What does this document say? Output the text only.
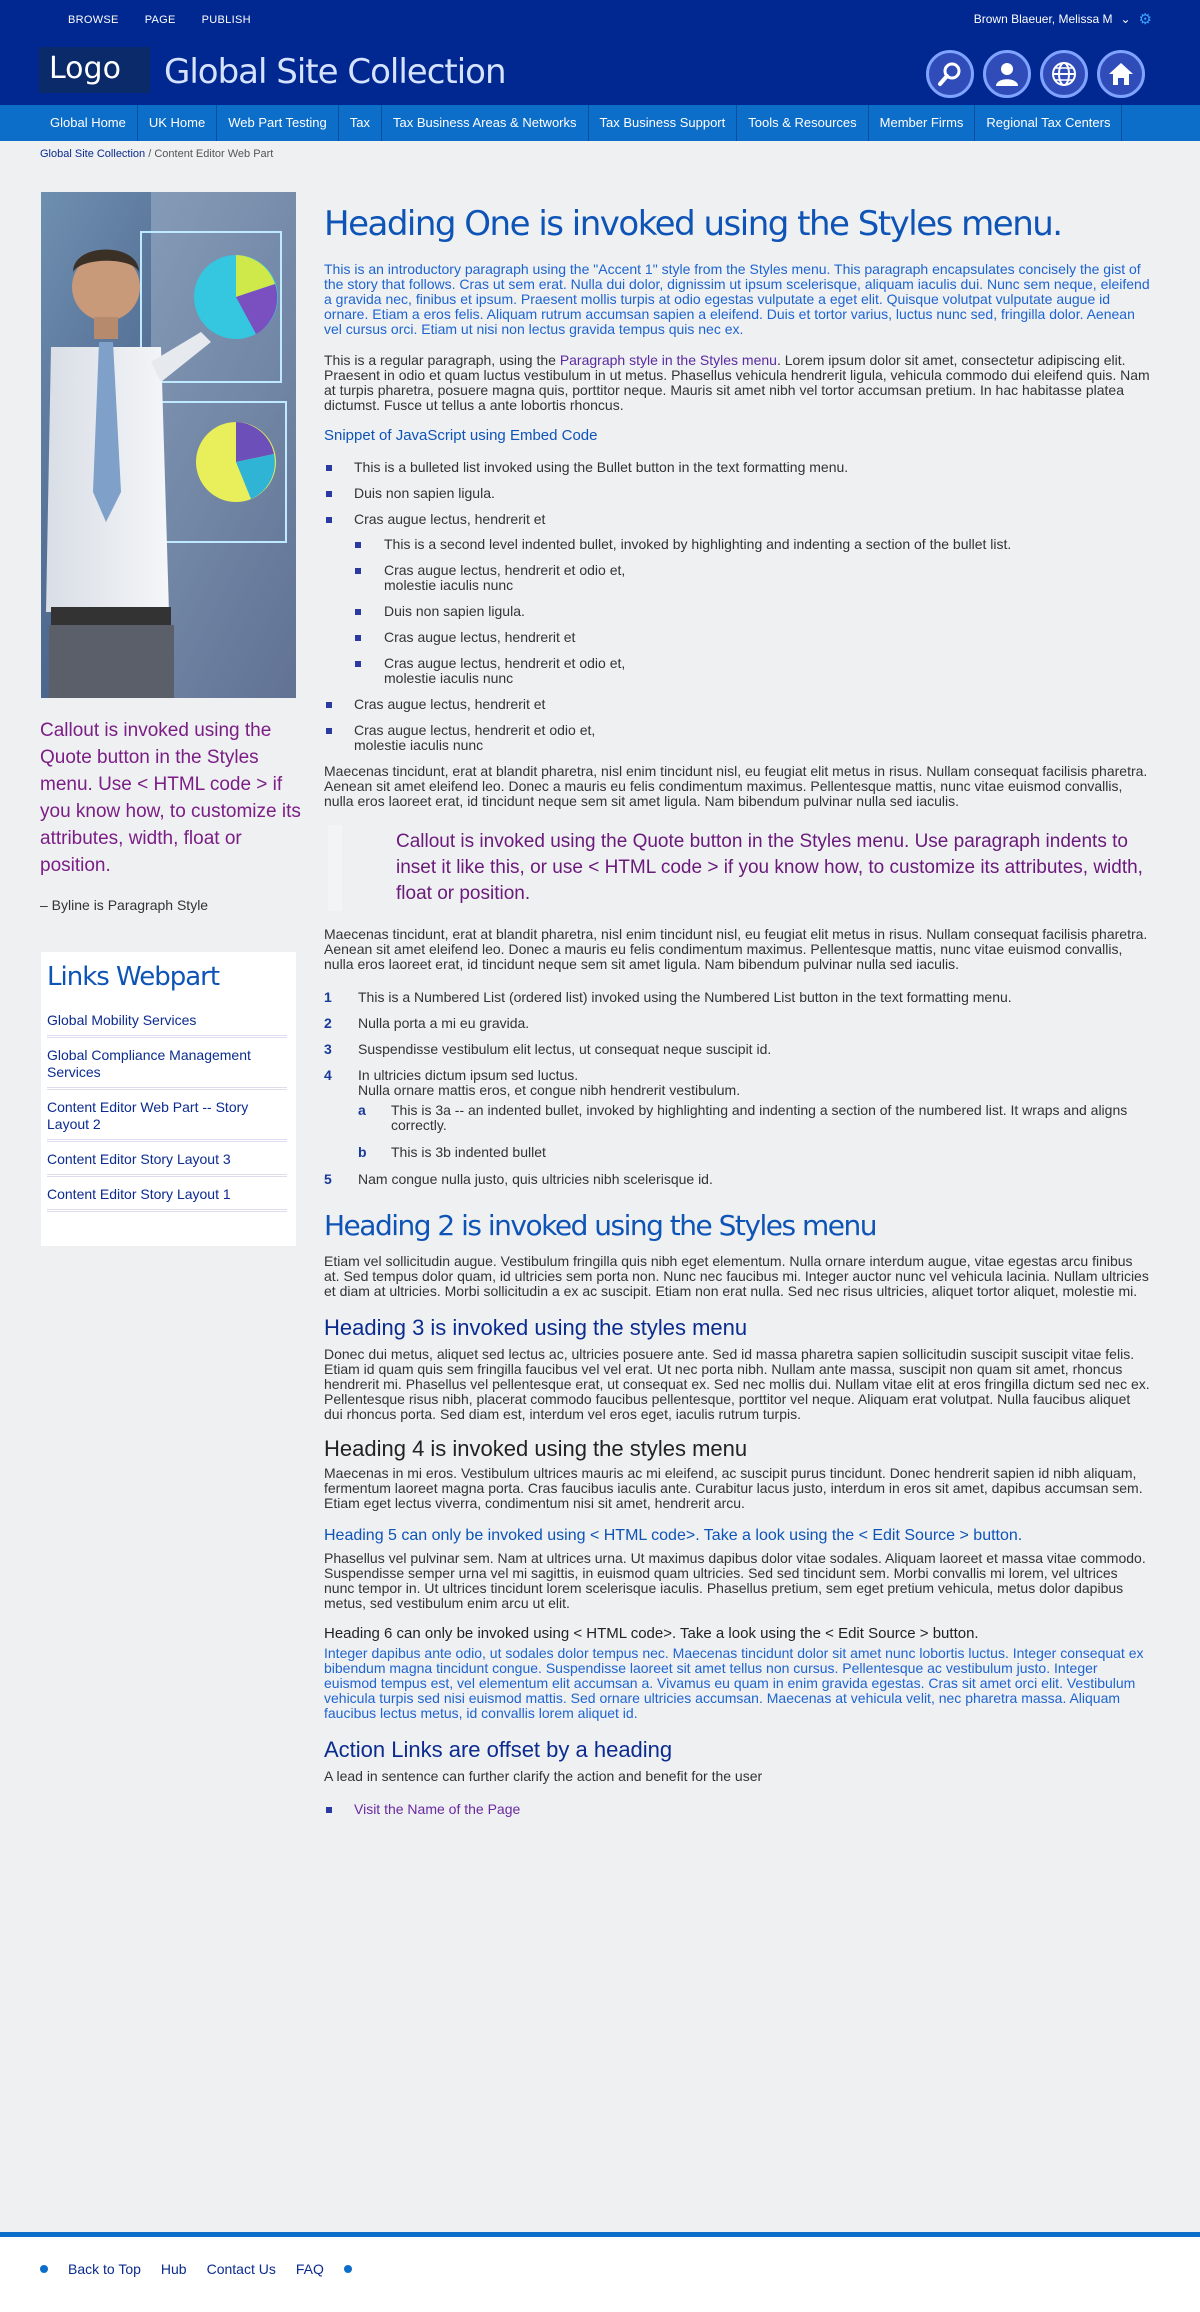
BROWSE PAGE PUBLISH	Brown Blaeuer, Melissa M ⌄ ⚙
Logo	Global Site Collection
Global Home	UK Home	Web Part Testing	Tax	Tax Business Areas & Networks	Tax Business Support	Tools & Resources	Member Firms	Regional Tax Centers
Global Site Collection / Content Editor Web Part
Callout is invoked using the Quote button in the Styles menu. Use < HTML code > if you know how, to customize its attributes, width, float or position.
– Byline is Paragraph Style
Links Webpart
Global Mobility Services
Global Compliance Management Services
Content Editor Web Part -- Story Layout 2
Content Editor Story Layout 3
Content Editor Story Layout 1
Heading One is invoked using the Styles menu.

This is an introductory paragraph using the "Accent 1" style from the Styles menu. This paragraph encapsulates concisely the gist of the story that follows. Cras ut sem erat. Nulla dui dolor, dignissim ut ipsum scelerisque, aliquam iaculis dui. Nunc sem neque, eleifend a gravida nec, finibus et ipsum. Praesent mollis turpis at odio egestas vulputate a eget elit. Quisque volutpat vulputate augue id ornare. Etiam a eros felis. Aliquam rutrum accumsan sapien a eleifend. Duis et tortor varius, luctus nunc sed, fringilla dolor. Aenean vel cursus orci. Etiam ut nisi non lectus gravida tempus quis nec ex.

This is a regular paragraph, using the Paragraph style in the Styles menu. Lorem ipsum dolor sit amet, consectetur adipiscing elit. Praesent in odio et quam luctus vestibulum in ut metus. Phasellus vehicula hendrerit ligula, vehicula commodo dui eleifend quis. Nam at turpis pharetra, posuere magna quis, porttitor neque. Mauris sit amet nibh vel tortor accumsan pretium. In hac habitasse platea dictumst. Fusce ut tellus a ante lobortis rhoncus.

Snippet of JavaScript using Embed Code
This is a bulleted list invoked using the Bullet button in the text formatting menu.
Duis non sapien ligula.
Cras augue lectus, hendrerit et
This is a second level indented bullet, invoked by highlighting and indenting a section of the bullet list.
Cras augue lectus, hendrerit et odio et,
molestie iaculis nunc
Duis non sapien ligula.
Cras augue lectus, hendrerit et
Cras augue lectus, hendrerit et odio et,
molestie iaculis nunc
Cras augue lectus, hendrerit et
Cras augue lectus, hendrerit et odio et,
molestie iaculis nunc

Maecenas tincidunt, erat at blandit pharetra, nisl enim tincidunt nisl, eu feugiat elit metus in risus. Nullam consequat facilisis pharetra. Aenean sit amet eleifend leo. Donec a mauris eu felis condimentum maximus. Pellentesque mattis, nunc vitae euismod convallis, nulla eros laoreet erat, id tincidunt neque sem sit amet ligula. Nam bibendum pulvinar nulla sed iaculis.

Callout is invoked using the Quote button in the Styles menu. Use paragraph indents to inset it like this, or use < HTML code > if you know how, to customize its attributes, width, float or position.

Maecenas tincidunt, erat at blandit pharetra, nisl enim tincidunt nisl, eu feugiat elit metus in risus. Nullam consequat facilisis pharetra. Aenean sit amet eleifend leo. Donec a mauris eu felis condimentum maximus. Pellentesque mattis, nunc vitae euismod convallis, nulla eros laoreet erat, id tincidunt neque sem sit amet ligula. Nam bibendum pulvinar nulla sed iaculis.

1 This is a Numbered List (ordered list) invoked using the Numbered List button in the text formatting menu.
2 Nulla porta a mi eu gravida.
3 Suspendisse vestibulum elit lectus, ut consequat neque suscipit id.
4 In ultricies dictum ipsum sed luctus.
Nulla ornare mattis eros, et congue nibh hendrerit vestibulum.
a This is 3a -- an indented bullet, invoked by highlighting and indenting a section of the numbered list. It wraps and aligns correctly.
b This is 3b indented bullet
5 Nam congue nulla justo, quis ultricies nibh scelerisque id.
Heading 2 is invoked using the Styles menu

Etiam vel sollicitudin augue. Vestibulum fringilla quis nibh eget elementum. Nulla ornare interdum augue, vitae egestas arcu finibus at. Sed tempus dolor quam, id ultricies sem porta non. Nunc nec faucibus mi. Integer auctor nunc vel vehicula lacinia. Nullam ultricies et diam at ultricies. Morbi sollicitudin a ex ac suscipit. Etiam non erat nulla. Sed nec risus ultricies, aliquet tortor aliquet, molestie mi.

Heading 3 is invoked using the styles menu

Donec dui metus, aliquet sed lectus ac, ultricies posuere ante. Sed id massa pharetra sapien sollicitudin suscipit suscipit vitae felis. Etiam id quam quis sem fringilla faucibus vel vel erat. Ut nec porta nibh. Nullam ante massa, suscipit non quam sit amet, rhoncus hendrerit mi. Phasellus vel pellentesque erat, ut consequat ex. Sed nec mollis dui. Nullam vitae elit at eros fringilla dictum sed nec ex. Pellentesque risus nibh, placerat commodo faucibus pellentesque, porttitor vel neque. Aliquam erat volutpat. Nulla faucibus aliquet dui rhoncus porta. Sed diam est, interdum vel eros eget, iaculis rutrum turpis.

Heading 4 is invoked using the styles menu

Maecenas in mi eros. Vestibulum ultrices mauris ac mi eleifend, ac suscipit purus tincidunt. Donec hendrerit sapien id nibh aliquam, fermentum laoreet magna porta. Cras faucibus iaculis ante. Curabitur lacus justo, interdum in eros sit amet, dapibus accumsan sem. Etiam eget lectus viverra, condimentum nisi sit amet, hendrerit arcu.

Heading 5 can only be invoked using < HTML code>. Take a look using the < Edit Source > button.

Phasellus vel pulvinar sem. Nam at ultrices urna. Ut maximus dapibus dolor vitae sodales. Aliquam laoreet et massa vitae commodo. Suspendisse semper urna vel mi sagittis, in euismod quam ultricies. Sed sed tincidunt sem. Morbi convallis mi lorem, vel ultrices nunc tempor in. Ut ultrices tincidunt lorem scelerisque iaculis. Phasellus pretium, sem eget pretium vehicula, metus dolor dapibus metus, sed vestibulum enim arcu ut elit.

Heading 6 can only be invoked using < HTML code>. Take a look using the < Edit Source > button.

Integer dapibus ante odio, ut sodales dolor tempus nec. Maecenas tincidunt dolor sit amet nunc lobortis luctus. Integer consequat ex bibendum magna tincidunt congue. Suspendisse laoreet sit amet tellus non cursus. Pellentesque ac vestibulum justo. Integer euismod tempus est, vel elementum elit accumsan a. Vivamus eu quam in enim gravida egestas. Cras sit amet orci elit. Vestibulum vehicula turpis sed nisi euismod mattis. Sed ornare ultricies accumsan. Maecenas at vehicula velit, nec pharetra massa. Aliquam faucibus lectus metus, id convallis lorem aliquet id.

Action Links are offset by a heading

A lead in sentence can further clarify the action and benefit for the user

Visit the Name of the Page
Back to Top Hub Contact Us FAQ
